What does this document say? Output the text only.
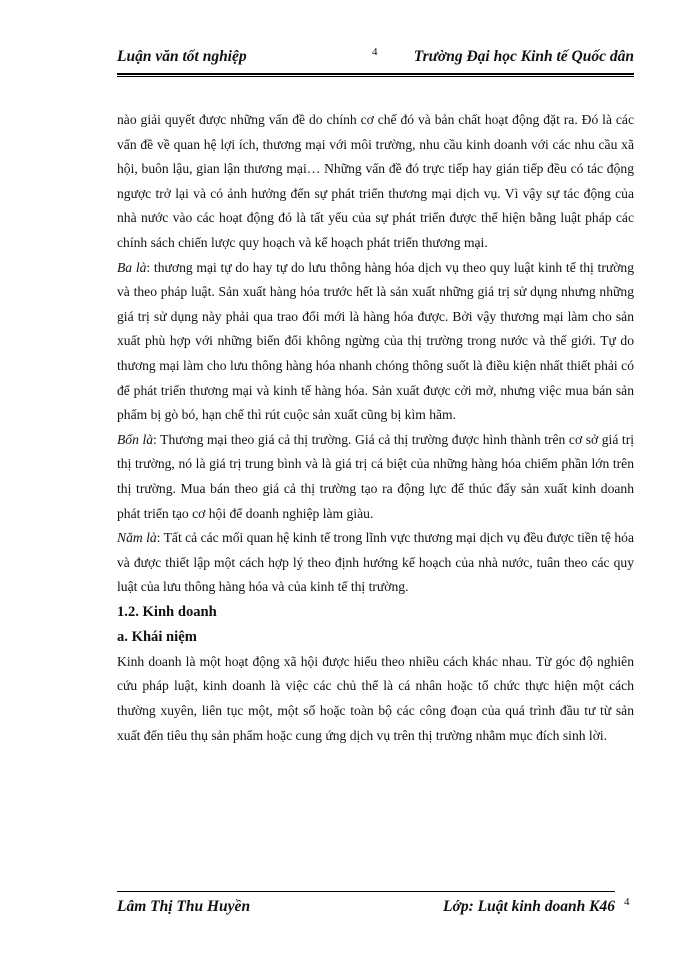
Luận văn tốt nghiệp	4 Trường Đại học Kinh tế Quốc dân

nào giải quyết được những vấn đề do chính cơ chế đó và bản chất hoạt động đặt ra. Đó là các vấn đề về quan hệ lợi ích, thương mại với môi trường, nhu cầu kinh doanh với các nhu cầu xã hội, buôn lậu, gian lận thương mại… Những vấn đề đó trực tiếp hay gián tiếp đều có tác động ngược trở lại và có ảnh hưởng đến sự phát triển thương mại dịch vụ. Vì vậy sự tác động của nhà nước vào các hoạt động đó là tất yếu của sự phát triển được thể hiện bằng luật pháp các chính sách chiến lược quy hoạch và kế hoạch phát triển thương mại.

Ba là: thương mại tự do hay tự do lưu thông hàng hóa dịch vụ theo quy luật kinh tế thị trường và theo pháp luật. Sản xuất hàng hóa trước hết là sản xuất những giá trị sử dụng nhưng những giá trị sử dụng này phải qua trao đổi mới là hàng hóa được. Bởi vậy thương mại làm cho sản xuất phù hợp với những biến đổi không ngừng của thị trường trong nước và thế giới. Tự do thương mại làm cho lưu thông hàng hóa nhanh chóng thông suốt là điều kiện nhất thiết phải có để phát triển thương mại và kinh tế hàng hóa. Sản xuất được cởi mở, nhưng việc mua bán sản phẩm bị gò bó, hạn chế thì rút cuộc sản xuất cũng bị kìm hãm.

Bốn là: Thương mại theo giá cả thị trường. Giá cả thị trường được hình thành trên cơ sở giá trị thị trường, nó là giá trị trung bình và là giá trị cá biệt của những hàng hóa chiếm phần lớn trên thị trường. Mua bán theo giá cả thị trường tạo ra động lực để thúc đẩy sản xuất kinh doanh phát triển tạo cơ hội để doanh nghiệp làm giàu.

Năm là: Tất cả các mối quan hệ kinh tế trong lĩnh vực thương mại dịch vụ đều được tiền tệ hóa và được thiết lập một cách hợp lý theo định hướng kế hoạch của nhà nước, tuân theo các quy luật của lưu thông hàng hóa và của kinh tế thị trường.

1.2. Kinh doanh

a. Khái niệm

Kinh doanh là một hoạt động xã hội được hiểu theo nhiều cách khác nhau. Từ góc độ nghiên cứu pháp luật, kinh doanh là việc các chủ thể là cá nhân hoặc tổ chức thực hiện một cách thường xuyên, liên tục một, một số hoặc toàn bộ các công đoạn của quá trình đầu tư từ sản xuất đến tiêu thụ sản phẩm hoặc cung ứng dịch vụ trên thị trường nhằm mục đích sinh lời.

Lâm Thị Thu Huyền	Lớp: Luật kinh doanh K46 4
